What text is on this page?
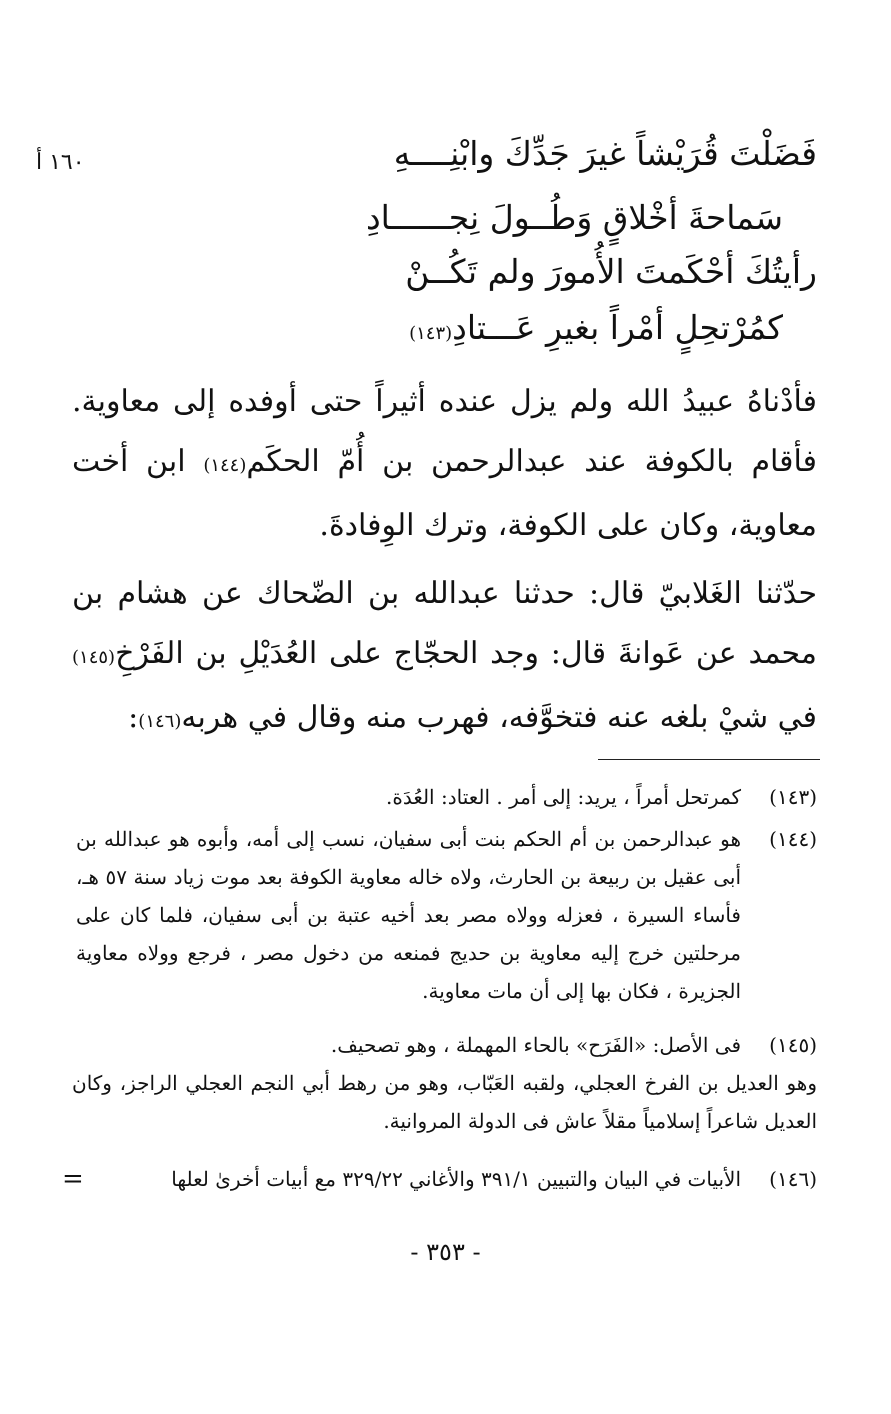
١٦٠ أ	فَضَلْتَ قُرَيْشاً غيرَ جَدِّكَ وابْنِــــهِ
سَماحةَ أخْلاقٍ وَطُــولَ نِجــــــادِ
رأيتُكَ أحْكَمتَ الأُمورَ ولم تَكُــنْ
كمُرْتحِلٍ أمْراً بغيرِ عَـــتادِ(١٤٣)
فأدْناهُ عبيدُ الله ولم يزل عنده أثيراً حتى أوفده إلى معاوية. فأقام بالكوفة عند عبدالرحمن بن أُمّ الحكَم(١٤٤) ابن أخت معاوية، وكان على الكوفة، وترك الوِفادةَ.
حدّثنا الغَلابيّ قال: حدثنا عبدالله بن الضّحاك عن هشام بن محمد عن عَوانةَ قال: وجد الحجّاج على العُدَيْلِ بن الفَرْخِ(١٤٥) في شيْ بلغه عنه فتخوَّفه، فهرب منه وقال في هربه(١٤٦):
(١٤٣)
كمرتحل أمراً ، يريد: إلى أمر . العتاد: العُدَة.
(١٤٤)
هو عبدالرحمن بن أم الحكم بنت أبى سفيان، نسب إلى أمه، وأبوه هو عبدالله بن أبى عقيل بن ربيعة بن الحارث، ولاه خاله معاوية الكوفة بعد موت زياد سنة ٥٧ هـ، فأساء السيرة ، فعزله وولاه مصر بعد أخيه عتبة بن أبى سفيان، فلما كان على مرحلتين خرج إليه معاوية بن حديج فمنعه من دخول مصر ، فرجع وولاه معاوية الجزيرة ، فكان بها إلى أن مات معاوية.
(١٤٥)
فى الأصل: «الفَرَح» بالحاء المهملة ، وهو تصحيف.
وهو العديل بن الفرخ العجلي، ولقبه العَبّاب، وهو من رهط أبي النجم العجلي الراجز، وكان العديل شاعراً إسلامياً مقلاً عاش فى الدولة المروانية.
(١٤٦)
الأبيات في البيان والتبيين ٣٩١/١ والأغاني ٣٢٩/٢٢ مع أبيات أخرىٰ لعلها
=
- ٣٥٣ -
